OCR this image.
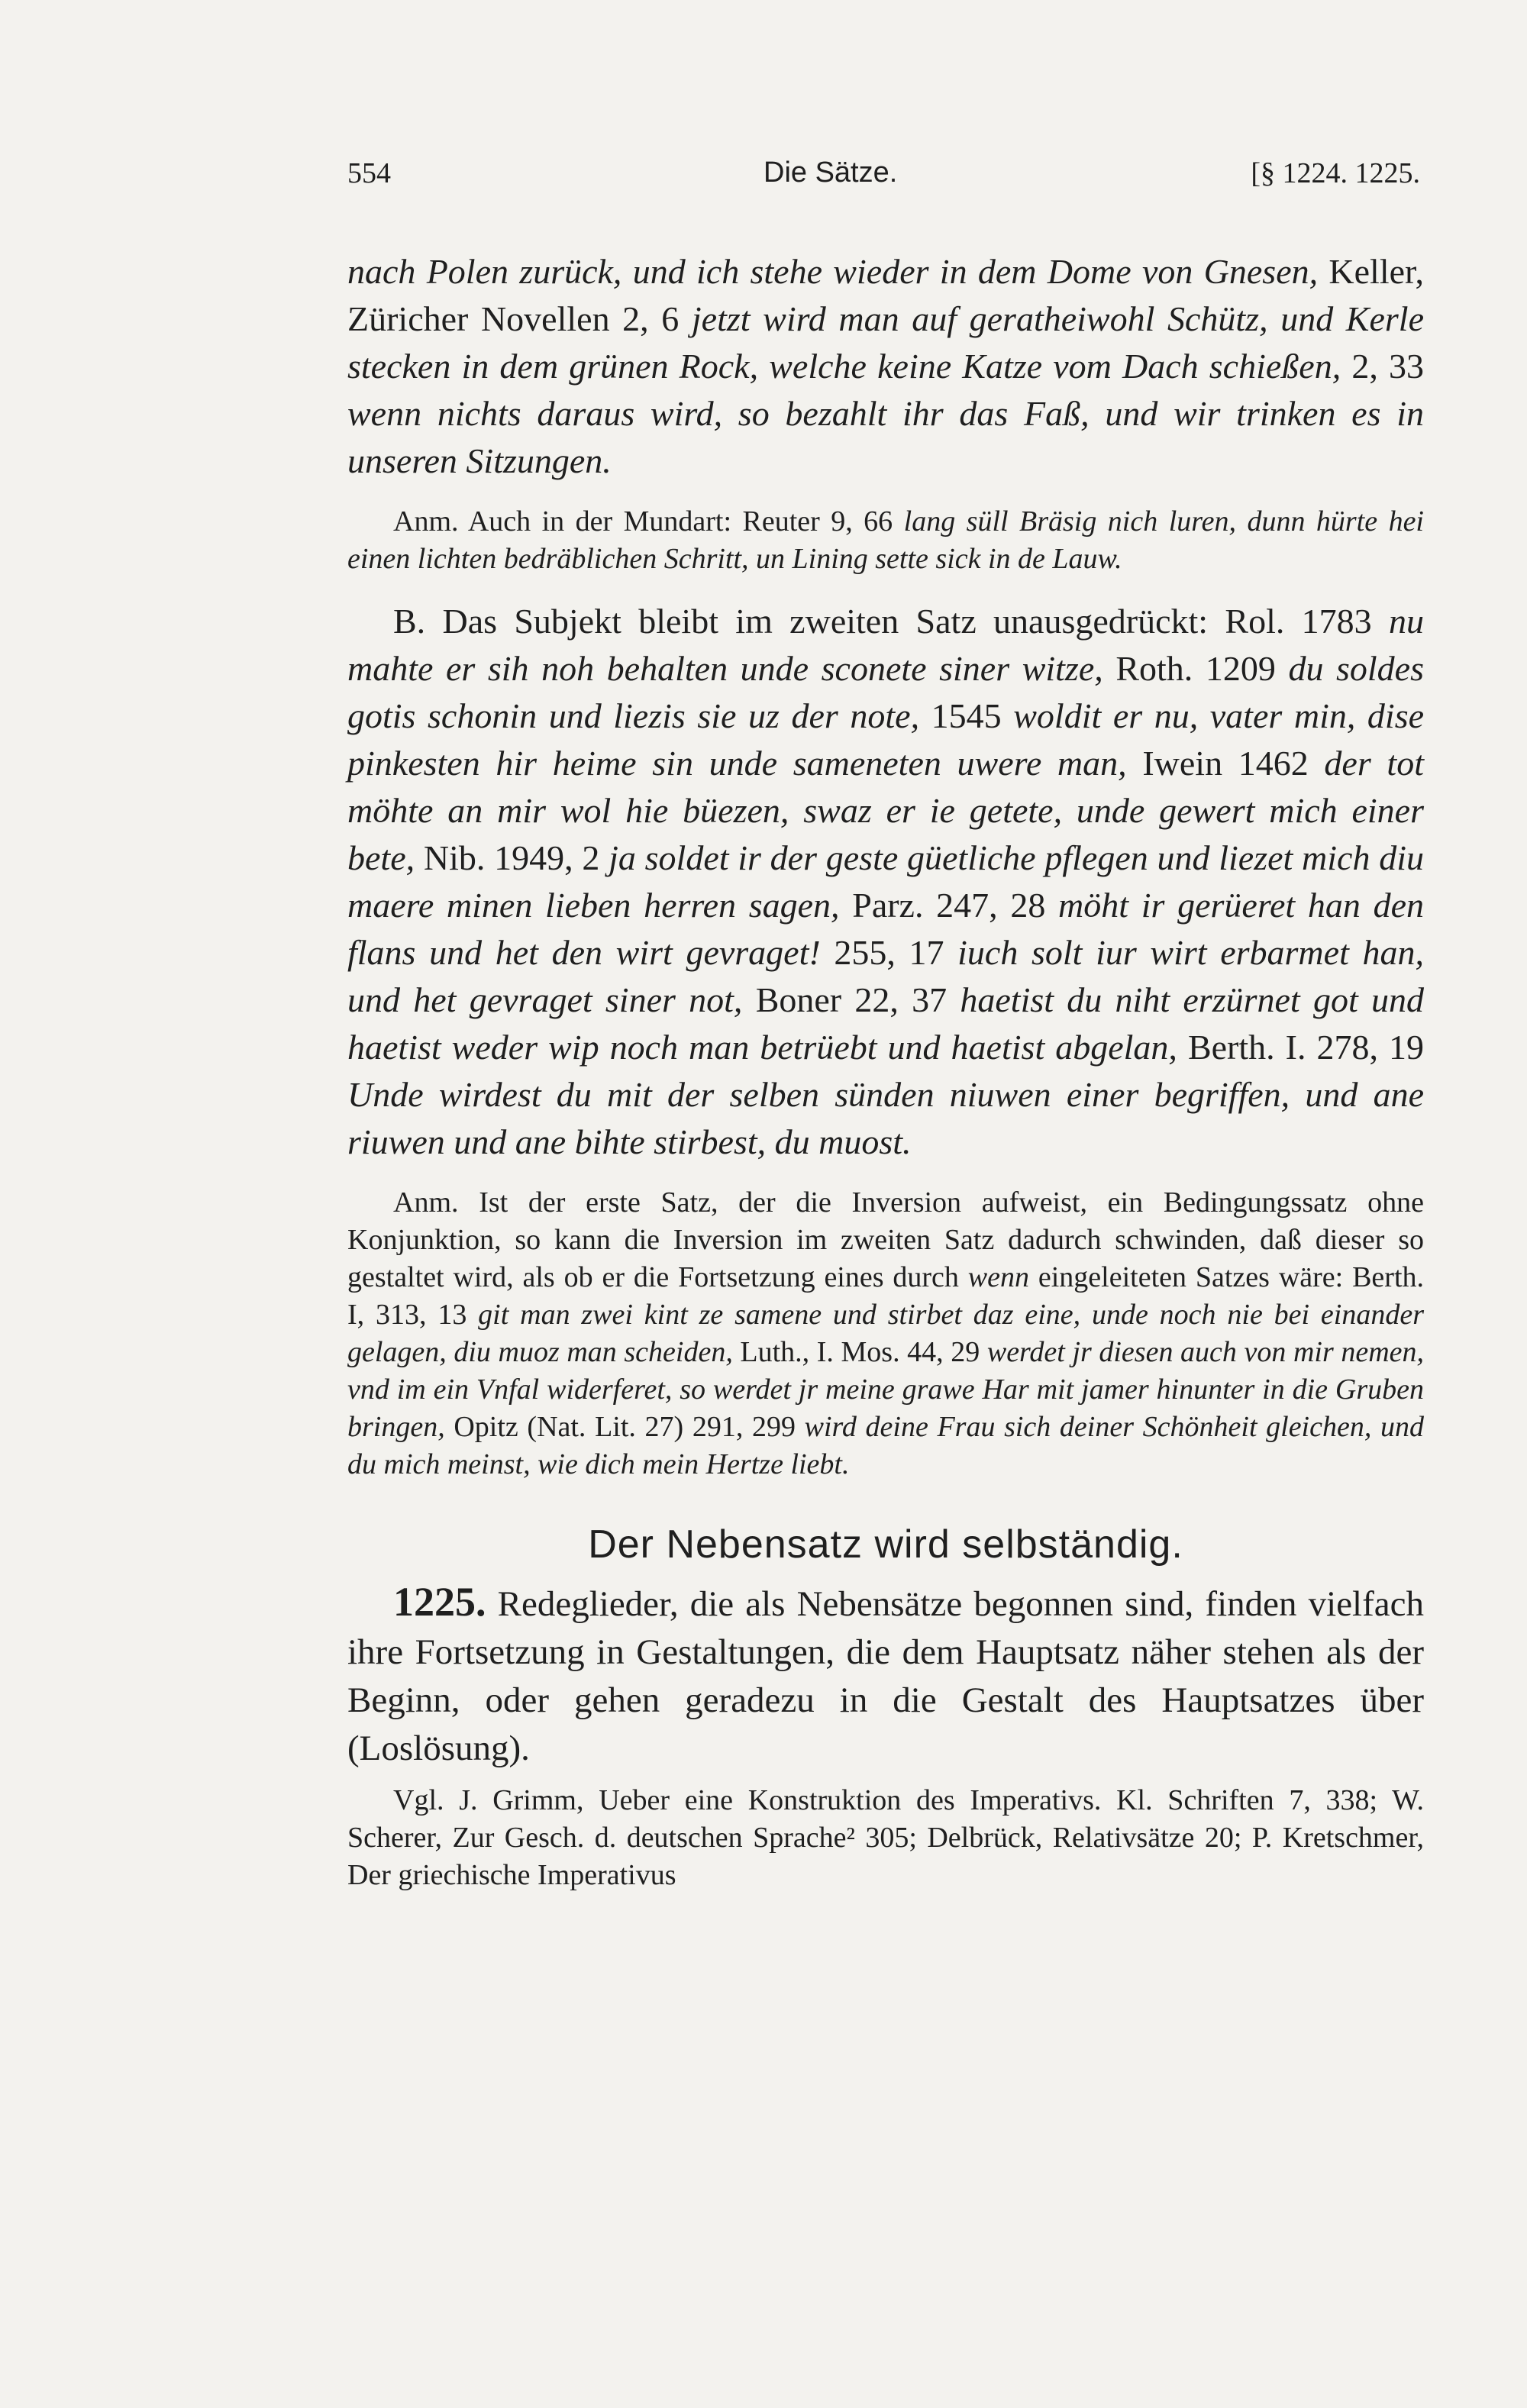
554	Die Sätze.	[§ 1224. 1225.

nach Polen zurück, und ich stehe wieder in dem Dome von Gnesen, Keller, Züricher Novellen 2, 6 jetzt wird man auf geratheiwohl Schütz, und Kerle stecken in dem grünen Rock, welche keine Katze vom Dach schießen, 2, 33 wenn nichts daraus wird, so bezahlt ihr das Faß, und wir trinken es in unseren Sitzungen.

Anm. Auch in der Mundart: Reuter 9, 66 lang süll Bräsig nich luren, dunn hürte hei einen lichten bedräblichen Schritt, un Lining sette sick in de Lauw.

B. Das Subjekt bleibt im zweiten Satz unausgedrückt: Rol. 1783 nu mahte er sih noh behalten unde sconete siner witze, Roth. 1209 du soldes gotis schonin und liezis sie uz der note, 1545 woldit er nu, vater min, dise pinkesten hir heime sin unde sameneten uwere man, Iwein 1462 der tot möhte an mir wol hie büezen, swaz er ie getete, unde gewert mich einer bete, Nib. 1949, 2 ja soldet ir der geste güetliche pflegen und liezet mich diu maere minen lieben herren sagen, Parz. 247, 28 möht ir gerüeret han den flans und het den wirt gevraget! 255, 17 iuch solt iur wirt erbarmet han, und het gevraget siner not, Boner 22, 37 haetist du niht erzürnet got und haetist weder wip noch man betrüebt und haetist abgelan, Berth. I. 278, 19 Unde wirdest du mit der selben sünden niuwen einer begriffen, und ane riuwen und ane bihte stirbest, du muost.

Anm. Ist der erste Satz, der die Inversion aufweist, ein Bedingungssatz ohne Konjunktion, so kann die Inversion im zweiten Satz dadurch schwinden, daß dieser so gestaltet wird, als ob er die Fortsetzung eines durch wenn eingeleiteten Satzes wäre: Berth. I, 313, 13 git man zwei kint ze samene und stirbet daz eine, unde noch nie bei einander gelagen, diu muoz man scheiden, Luth., I. Mos. 44, 29 werdet jr diesen auch von mir nemen, vnd im ein Vnfal widerferet, so werdet jr meine grawe Har mit jamer hinunter in die Gruben bringen, Opitz (Nat. Lit. 27) 291, 299 wird deine Frau sich deiner Schönheit gleichen, und du mich meinst, wie dich mein Hertze liebt.

Der Nebensatz wird selbständig.

1225. Redeglieder, die als Nebensätze begonnen sind, finden vielfach ihre Fortsetzung in Gestaltungen, die dem Hauptsatz näher stehen als der Beginn, oder gehen geradezu in die Gestalt des Hauptsatzes über (Loslösung).

Vgl. J. Grimm, Ueber eine Konstruktion des Imperativs. Kl. Schriften 7, 338; W. Scherer, Zur Gesch. d. deutschen Sprache² 305; Delbrück, Relativsätze 20; P. Kretschmer, Der griechische Imperativus
